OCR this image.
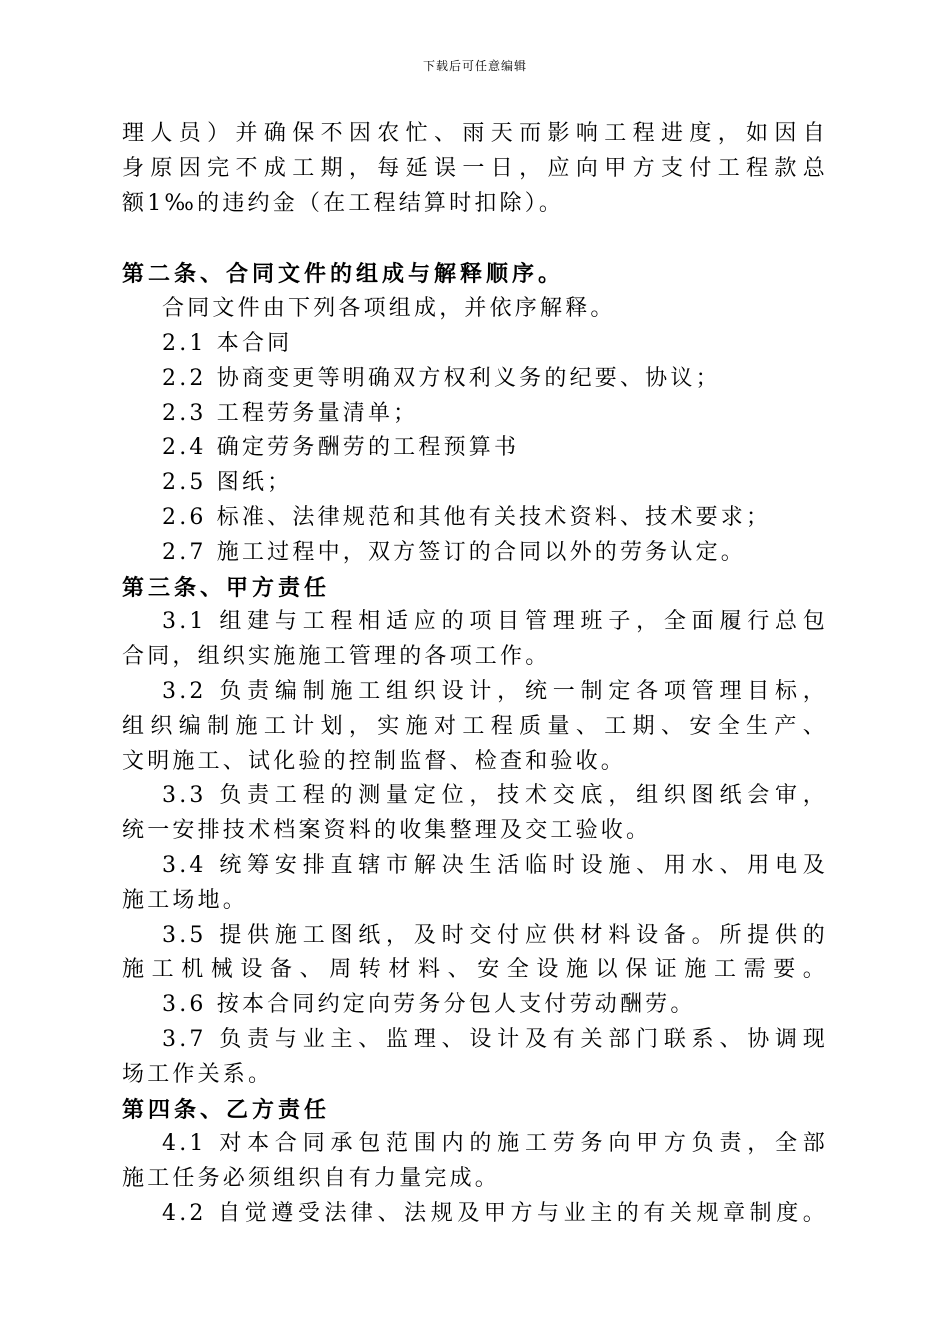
下载后可任意编辑

理人员）并确保不因农忙、雨天而影响工程进度，如因自

身原因完不成工期，每延误一日，应向甲方支付工程款总

额1‰的违约金（在工程结算时扣除）。

第二条、合同文件的组成与解释顺序。

合同文件由下列各项组成，并依序解释。

2.1 本合同

2.2 协商变更等明确双方权利义务的纪要、协议；

2.3 工程劳务量清单；

2.4 确定劳务酬劳的工程预算书

2.5 图纸；

2.6 标准、法律规范和其他有关技术资料、技术要求；

2.7 施工过程中，双方签订的合同以外的劳务认定。

第三条、甲方责任

3.1 组建与工程相适应的项目管理班子，全面履行总包

合同，组织实施施工管理的各项工作。

3.2 负责编制施工组织设计，统一制定各项管理目标，

组织编制施工计划，实施对工程质量、工期、安全生产、

文明施工、试化验的控制监督、检查和验收。

3.3 负责工程的测量定位，技术交底，组织图纸会审，

统一安排技术档案资料的收集整理及交工验收。

3.4 统筹安排直辖市解决生活临时设施、用水、用电及

施工场地。

3.5 提供施工图纸，及时交付应供材料设备。所提供的

施工机械设备、周转材料、安全设施以保证施工需要。

3.6 按本合同约定向劳务分包人支付劳动酬劳。

3.7 负责与业主、监理、设计及有关部门联系、协调现

场工作关系。

第四条、乙方责任

4.1 对本合同承包范围内的施工劳务向甲方负责，全部

施工任务必须组织自有力量完成。

4.2 自觉遵受法律、法规及甲方与业主的有关规章制度。
